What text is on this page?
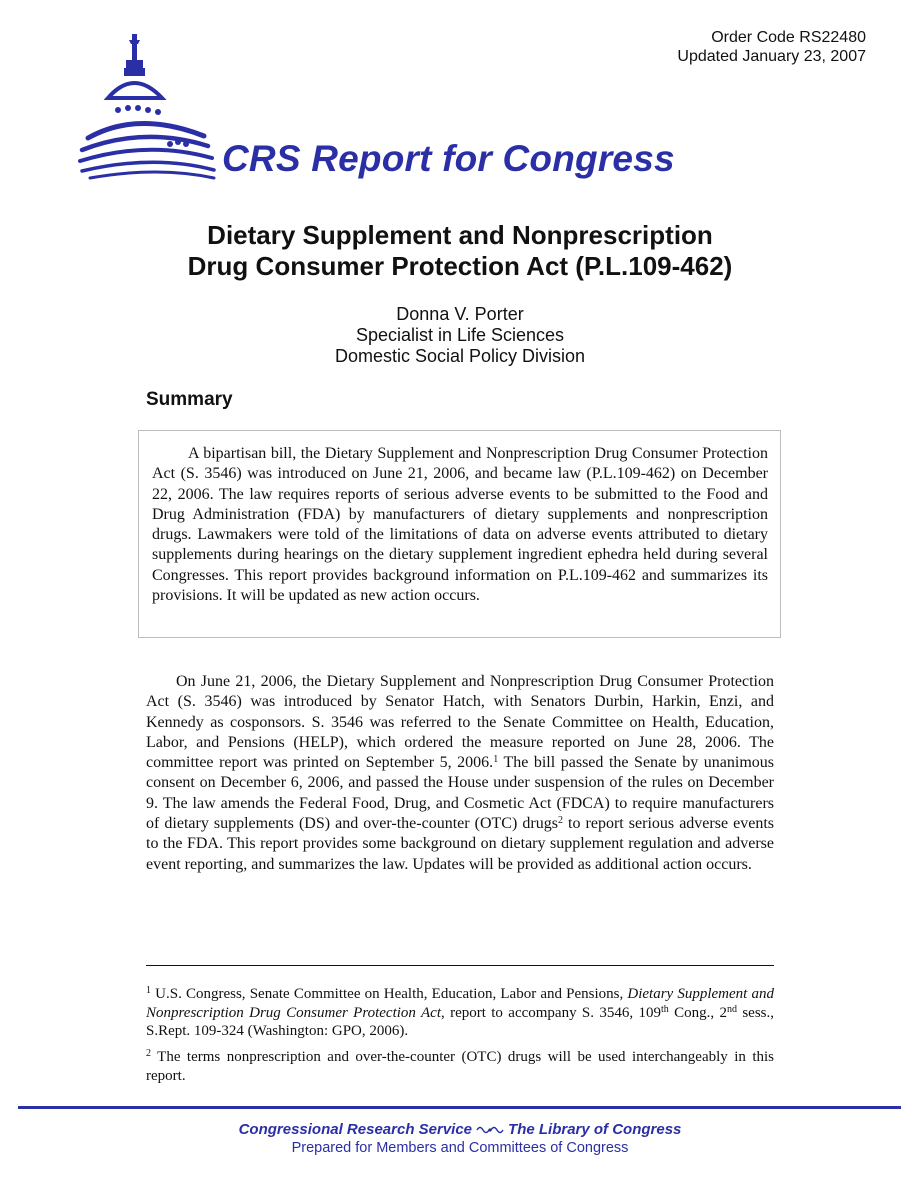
Order Code RS22480
Updated January 23, 2007
CRS Report for Congress
Dietary Supplement and Nonprescription
Drug Consumer Protection Act (P.L.109-462)
Donna V. Porter
Specialist in Life Sciences
Domestic Social Policy Division
Summary

A bipartisan bill, the Dietary Supplement and Nonprescription Drug Consumer Protection Act (S. 3546) was introduced on June 21, 2006, and became law (P.L.109-462) on December 22, 2006. The law requires reports of serious adverse events to be submitted to the Food and Drug Administration (FDA) by manufacturers of dietary supplements and nonprescription drugs. Lawmakers were told of the limitations of data on adverse events attributed to dietary supplements during hearings on the dietary supplement ingredient ephedra held during several Congresses. This report provides background information on P.L.109-462 and summarizes its provisions. It will be updated as new action occurs.

On June 21, 2006, the Dietary Supplement and Nonprescription Drug Consumer Protection Act (S. 3546) was introduced by Senator Hatch, with Senators Durbin, Harkin, Enzi, and Kennedy as cosponsors. S. 3546 was referred to the Senate Committee on Health, Education, Labor, and Pensions (HELP), which ordered the measure reported on June 28, 2006. The committee report was printed on September 5, 2006.$^1$ The bill passed the Senate by unanimous consent on December 6, 2006, and passed the House under suspension of the rules on December 9. The law amends the Federal Food, Drug, and Cosmetic Act (FDCA) to require manufacturers of dietary supplements (DS) and over-the-counter (OTC) drugs$^2$ to report serious adverse events to the FDA. This report provides some background on dietary supplement regulation and adverse event reporting, and summarizes the law. Updates will be provided as additional action occurs.

$^1$ U.S. Congress, Senate Committee on Health, Education, Labor and Pensions, Dietary Supplement and Nonprescription Drug Consumer Protection Act, report to accompany S. 3546, 109th Cong., 2nd sess., S.Rept. 109-324 (Washington: GPO, 2006).

$^2$ The terms nonprescription and over-the-counter (OTC) drugs will be used interchangeably in this report.

Congressional Research Service The Library of Congress
Prepared for Members and Committees of Congress
